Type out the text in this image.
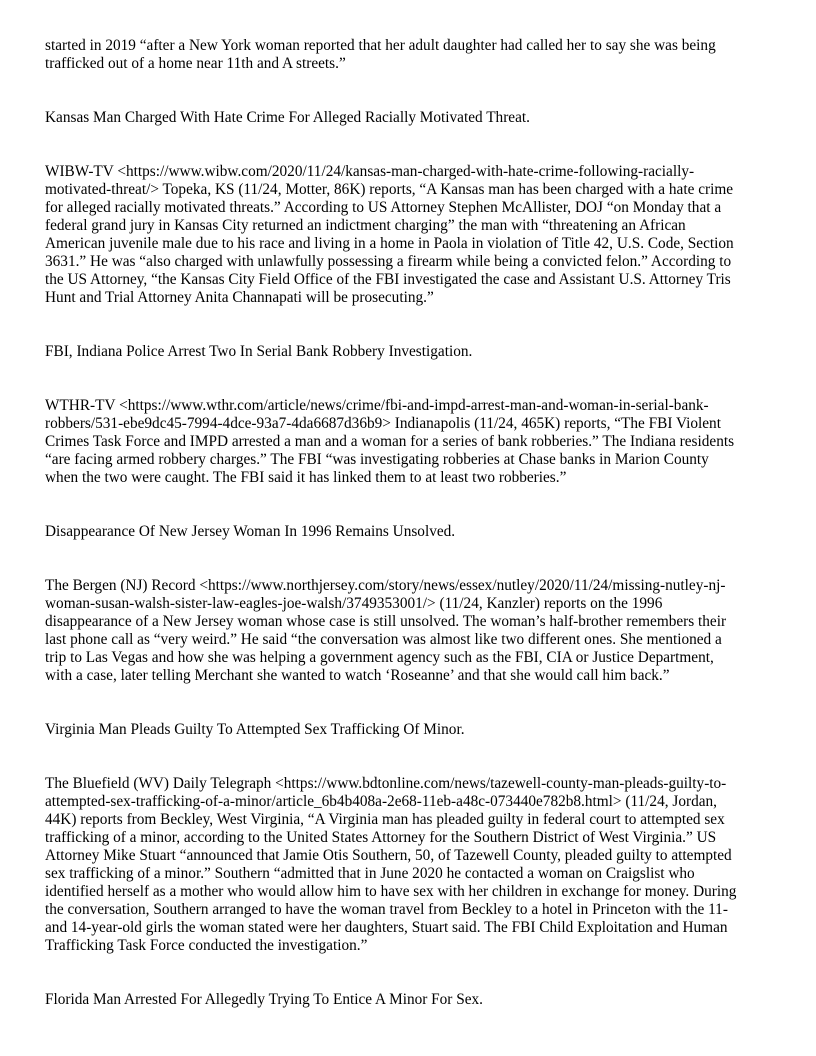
started in 2019 “after a New York woman reported that her adult daughter had called her to say she was being
trafficked out of a home near 11th and A streets.”

Kansas Man Charged With Hate Crime For Alleged Racially Motivated Threat.

WIBW-TV <https://www.wibw.com/2020/11/24/kansas-man-charged-with-hate-crime-following-racially-
motivated-threat/> Topeka, KS (11/24, Motter, 86K) reports, “A Kansas man has been charged with a hate crime
for alleged racially motivated threats.” According to US Attorney Stephen McAllister, DOJ “on Monday that a
federal grand jury in Kansas City returned an indictment charging” the man with “threatening an African
American juvenile male due to his race and living in a home in Paola in violation of Title 42, U.S. Code, Section
3631.” He was “also charged with unlawfully possessing a firearm while being a convicted felon.” According to
the US Attorney, “the Kansas City Field Office of the FBI investigated the case and Assistant U.S. Attorney Tris
Hunt and Trial Attorney Anita Channapati will be prosecuting.”

FBI, Indiana Police Arrest Two In Serial Bank Robbery Investigation.

WTHR-TV <https://www.wthr.com/article/news/crime/fbi-and-impd-arrest-man-and-woman-in-serial-bank-
robbers/531-ebe9dc45-7994-4dce-93a7-4da6687d36b9> Indianapolis (11/24, 465K) reports, “The FBI Violent
Crimes Task Force and IMPD arrested a man and a woman for a series of bank robberies.” The Indiana residents
“are facing armed robbery charges.” The FBI “was investigating robberies at Chase banks in Marion County
when the two were caught. The FBI said it has linked them to at least two robberies.”

Disappearance Of New Jersey Woman In 1996 Remains Unsolved.

The Bergen (NJ) Record <https://www.northjersey.com/story/news/essex/nutley/2020/11/24/missing-nutley-nj-
woman-susan-walsh-sister-law-eagles-joe-walsh/3749353001/> (11/24, Kanzler) reports on the 1996
disappearance of a New Jersey woman whose case is still unsolved. The woman’s half-brother remembers their
last phone call as “very weird.” He said “the conversation was almost like two different ones. She mentioned a
trip to Las Vegas and how she was helping a government agency such as the FBI, CIA or Justice Department,
with a case, later telling Merchant she wanted to watch ‘Roseanne’ and that she would call him back.”

Virginia Man Pleads Guilty To Attempted Sex Trafficking Of Minor.

The Bluefield (WV) Daily Telegraph <https://www.bdtonline.com/news/tazewell-county-man-pleads-guilty-to-
attempted-sex-trafficking-of-a-minor/article_6b4b408a-2e68-11eb-a48c-073440e782b8.html> (11/24, Jordan,
44K) reports from Beckley, West Virginia, “A Virginia man has pleaded guilty in federal court to attempted sex
trafficking of a minor, according to the United States Attorney for the Southern District of West Virginia.” US
Attorney Mike Stuart “announced that Jamie Otis Southern, 50, of Tazewell County, pleaded guilty to attempted
sex trafficking of a minor.” Southern “admitted that in June 2020 he contacted a woman on Craigslist who
identified herself as a mother who would allow him to have sex with her children in exchange for money. During
the conversation, Southern arranged to have the woman travel from Beckley to a hotel in Princeton with the 11-
and 14-year-old girls the woman stated were her daughters, Stuart said. The FBI Child Exploitation and Human
Trafficking Task Force conducted the investigation.”

Florida Man Arrested For Allegedly Trying To Entice A Minor For Sex.
